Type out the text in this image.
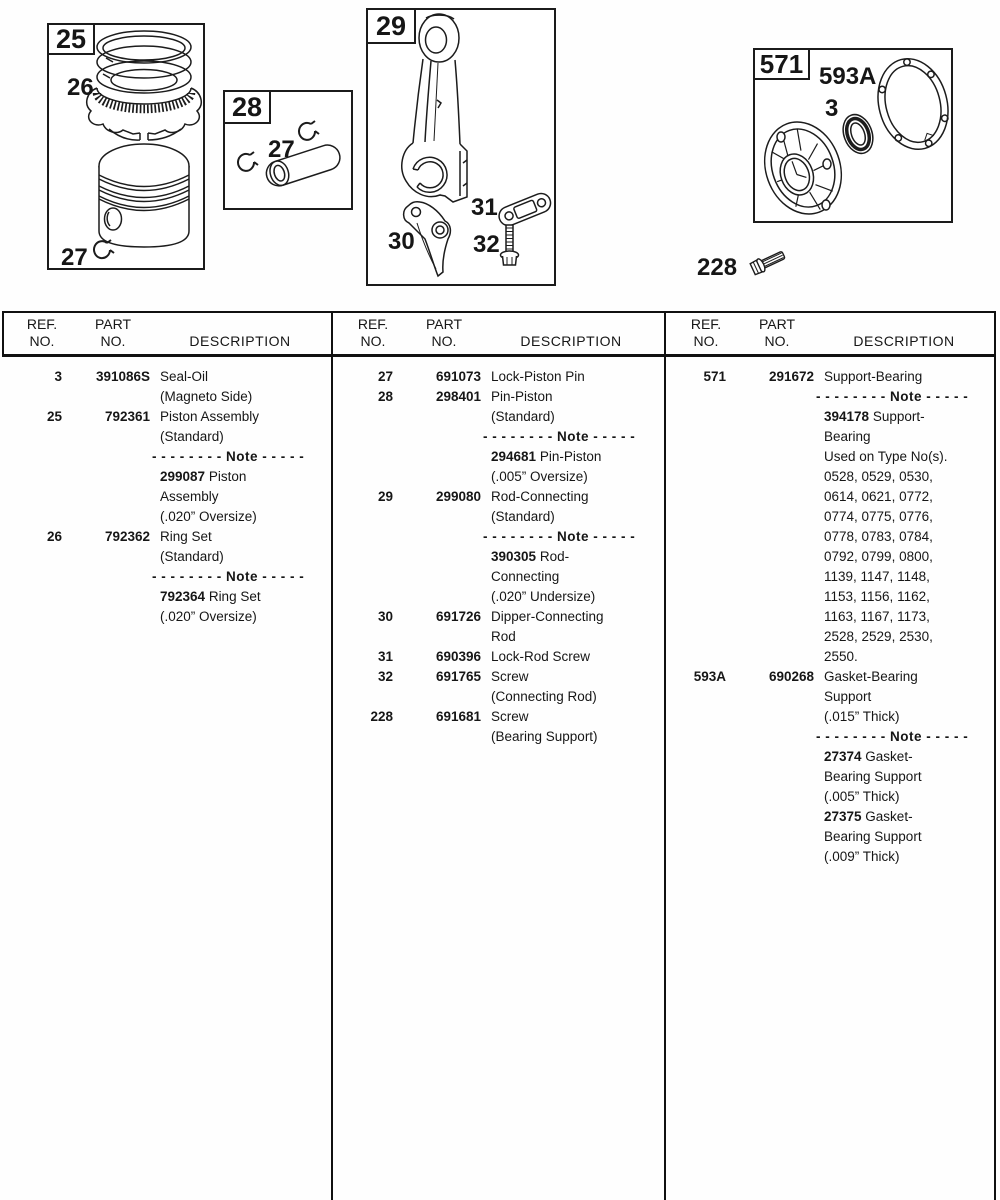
25
26
27
28
27
29
31
30 32
571 593A
3
228
REF.
NO.
PART
NO.	DESCRIPTION
REF.
NO.
PART
NO.	DESCRIPTION
REF.
NO.
PART
NO.	DESCRIPTION
3	391086S Seal-Oil
(Magneto Side)
25	792361 Piston Assembly
(Standard)
- - - - - - - - Note - - - - -
299087 Piston
Assembly
(.020” Oversize)
26	792362 Ring Set
(Standard)
- - - - - - - - Note - - - - -
792364 Ring Set
(.020” Oversize)
27	691073 Lock-Piston Pin
28	298401 Pin-Piston
(Standard)
- - - - - - - - Note - - - - -
294681 Pin-Piston
(.005” Oversize)
29	299080 Rod-Connecting
(Standard)
- - - - - - - - Note - - - - -
390305 Rod-
Connecting
(.020” Undersize)
30	691726 Dipper-Connecting
Rod
31	690396 Lock-Rod Screw
32	691765 Screw
(Connecting Rod)
228	691681 Screw
(Bearing Support)
571	291672 Support-Bearing
- - - - - - - - Note - - - - -
394178 Support-
Bearing
Used on Type No(s).
0528, 0529, 0530,
0614, 0621, 0772,
0774, 0775, 0776,
0778, 0783, 0784,
0792, 0799, 0800,
1139, 1147, 1148,
1153, 1156, 1162,
1163, 1167, 1173,
2528, 2529, 2530,
2550.
593A	690268 Gasket-Bearing
Support
(.015” Thick)
- - - - - - - - Note - - - - -
27374 Gasket-
Bearing Support
(.005” Thick)
27375 Gasket-
Bearing Support
(.009” Thick)
